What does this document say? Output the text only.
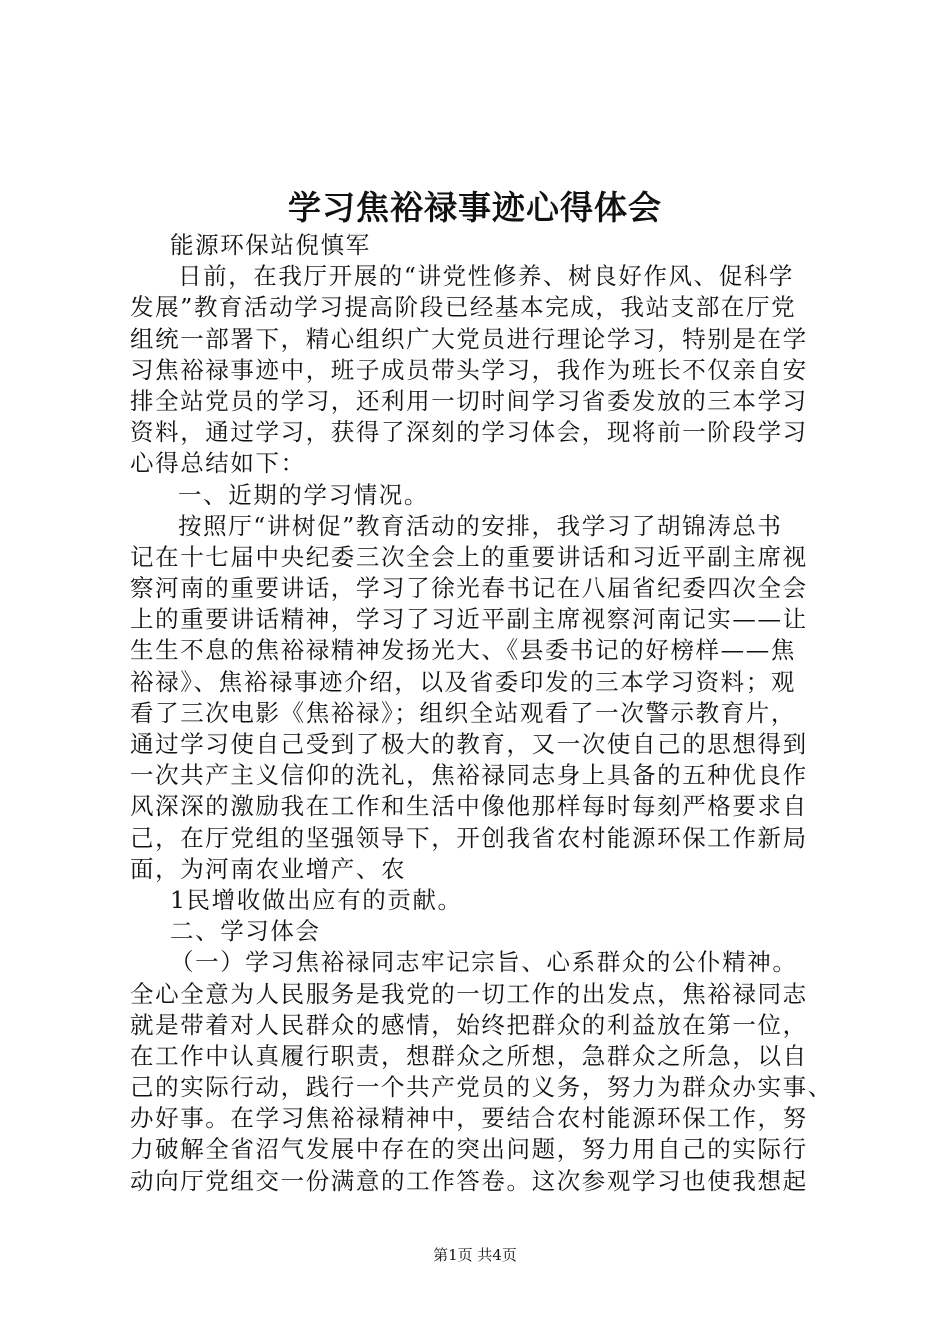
学习焦裕禄事迹心得体会
能源环保站倪慎军
日前，在我厅开展的“讲党性修养、树良好作风、促科学
发展”教育活动学习提高阶段已经基本完成，我站支部在厅党
组统一部署下，精心组织广大党员进行理论学习，特别是在学
习焦裕禄事迹中，班子成员带头学习，我作为班长不仅亲自安
排全站党员的学习，还利用一切时间学习省委发放的三本学习
资料，通过学习，获得了深刻的学习体会，现将前一阶段学习
心得总结如下：
一、近期的学习情况。
按照厅“讲树促”教育活动的安排，我学习了胡锦涛总书
记在十七届中央纪委三次全会上的重要讲话和习近平副主席视
察河南的重要讲话，学习了徐光春书记在八届省纪委四次全会
上的重要讲话精神，学习了习近平副主席视察河南记实——让
生生不息的焦裕禄精神发扬光大、《县委书记的好榜样——焦
裕禄》、焦裕禄事迹介绍，以及省委印发的三本学习资料；观
看了三次电影《焦裕禄》；组织全站观看了一次警示教育片，
通过学习使自己受到了极大的教育，又一次使自己的思想得到
一次共产主义信仰的洗礼，焦裕禄同志身上具备的五种优良作
风深深的激励我在工作和生活中像他那样每时每刻严格要求自
己，在厅党组的坚强领导下，开创我省农村能源环保工作新局
面，为河南农业增产、农
1民增收做出应有的贡献。
二、学习体会
（一）学习焦裕禄同志牢记宗旨、心系群众的公仆精神。
全心全意为人民服务是我党的一切工作的出发点，焦裕禄同志
就是带着对人民群众的感情，始终把群众的利益放在第一位，
在工作中认真履行职责，想群众之所想，急群众之所急，以自
己的实际行动，践行一个共产党员的义务，努力为群众办实事、
办好事。在学习焦裕禄精神中，要结合农村能源环保工作，努
力破解全省沼气发展中存在的突出问题，努力用自己的实际行
动向厅党组交一份满意的工作答卷。这次参观学习也使我想起
第1页 共4页
